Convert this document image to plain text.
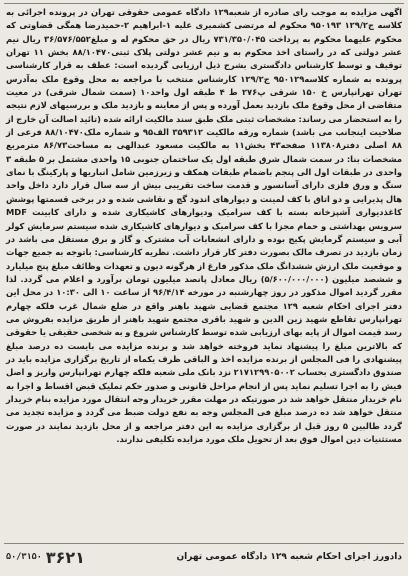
اگهی مزایده به موجب رای صادره از شعبه۱۲۹ دادگاه عمومی حقوقی تهران در پرونده اجرائی به کلاسه ج۱۲۹/۲ ۹۵۰۱۹۳ محکوم له مرتضی کشمیری علیه ۱-ابراهیم ۲-حمیدرضا همگی قضاوتی که محکوم علیهما محکوم به پرداخت ۷۳۱/۳۵۰/۰۴۵ ریال در حق محکوم له و مبلغ۳۶/۵۷۶/۵۵۲ ریال نیم عشر دولتی که در راستای اخذ محکوم به و نیم عشر دولتی پلاک ثبتی۸۸/۱۰۴۷۰ بخش ۱۱ تهران توقیف و توسط کارشناس دادگستری بشرح ذیل ارزیابی گردیده است: عطف به قرار کارشناسی پرونده به شماره کلاسه۹۵۰۱۲۹ ج۱۲۹/۲ کارشناس منتخب با مراجعه به محل وقوع ملک به‌آدرس تهران تهرانپارس خ ۱۵۰ شرقی پ۲۷۶ ط ۴ طبقه اول واحد۱۰ (سمت شمال شرقی) در معیت متقاضی از محل وقوع ملک بازدید بعمل آورده و پس از معاینه و بازدید ملک و بررسیهای لازم نتیجه را به استحضار می رساند: مشخصات ثبتی ملک طبق سند مالکیت ارائه شده (تائید اصالت آن خارج از صلاحیت اینجانب می باشد) شماره ورقه مالکیت ۳۵۹۳۱۲ الف۹۵ و شماره ملک۸۸/۱۰۴۷۰ فرعی از ۸۸ اصلی دفتر۱۱۳۸۰۸ صفحه۴۳ بخش۱۱ به مالکیت مسعود عبدالهی به مساحت۸۶/۷۳ مترمربع مشخصات بنا: در سمت شمال شرق طبقه اول یک ساختمان جنوبی ۱۵ واحدی مشتمل بر ۵ طبقه ۳ واحدی در طبقات اول الی پنجم باضمام طبقات همکف و زیرزمین شامل انباریها و پارکینگ با نمای سنگ و ورق فلزی دارای آسانسور و قدمت ساخت تقریبی بیش از سه سال قرار دارد داخل واحد هال پذیرایی و دو اتاق با کف لمینت و دیوارهای اندود گچ و نقاشی شده و در برخی قسمتها پوشش کاغذدیواری آشپزخانه بسته با کف سرامیک ودیوارهای کاشیکاری شده و دارای کابینت MDF سرویس بهداشتی و حمام مجزا با کف سرامیک و دیوارهای کاشیکاری شده سیستم سرمایش کولر آبی و سیستم گرمایش پکیج بوده و دارای انشعابات آب مشترک و گاز و برق مستقل می باشد در زمان بازدید در تصرف مالک بصورت دفتر کار قرار داشت. نظریه کارشناسی: باتوجه به جمیع جهات و موقعیت ملک ارزش ششدانگ ملک مذکور فارغ از هرگونه دیون و تعهدات وظائف مبلغ پنج میلیارد و ششصد میلیون (۵/۶۰۰/۰۰۰/۰۰۰) ریال معادل پانصد میلیون تومان برآورد و اعلام می گردد. لذا مقرر گردید اموال مذکور در روز چهارشنبه در مورخه ۹۶/۴/۱۴ از ساعت ۱۰ الی ۱۰:۳۰ در محل این دفتر اجرای احکام شعبه ۱۲۹ مجتمع قضایی شهید باهنر واقع در ضلع شمال غرب فلکه چهارم تهرانپارس تقاطع شهید زین الدین و شهید باقری مجتمع شهید باهنر از طریق مزایده بفروش می رسد قیمت اموال از پایه بهای ارزیابی شده توسط کارشناس شروع و به شخصی حقیقی یا حقوقی که بالاترین مبلغ را پیشنهاد نماید فروخته خواهد شد و برنده مزایده می بایست ده درصد مبلغ پیشنهادی را فی المجلس از برنده مزایده اخذ و الباقی ظرف یکماه از تاریخ برگزاری مزایده باید در صندوق دادگستری بحساب ۲۱۷۱۲۹۹۰۵۰۰۲ نزد بانک ملی شعبه فلکه چهارم تهرانپارس واریز و اصل فیش را به اجرا تسلیم نماید پس از انجام مراحل قانونی و صدور حکم تملیک قبض اقساط و اجرا به نام خریدار منتقل خواهد شد در صورتیکه در مهلت مقرر خریدار وجه انتقال مورد مزایده بنام خریدار منتقل خواهد شد ده درصد مبلغ فی المجلس وجه به نفع دولت ضبط می گردد و مزایده تجدید می گردد طالبین ۵ روز قبل از برگزاری مزایده به این دفتر مراجعه و از محل بازدید نمایند در صورت مستثنیات دین اموال فوق بعد از تحویل ملک مورد مزایده تکلیفی ندارند.

دادورز اجرای احکام شعبه ۱۲۹ دادگاه عمومی تهران
۵۰/۳۱۵۰ ۳۶۲۱
